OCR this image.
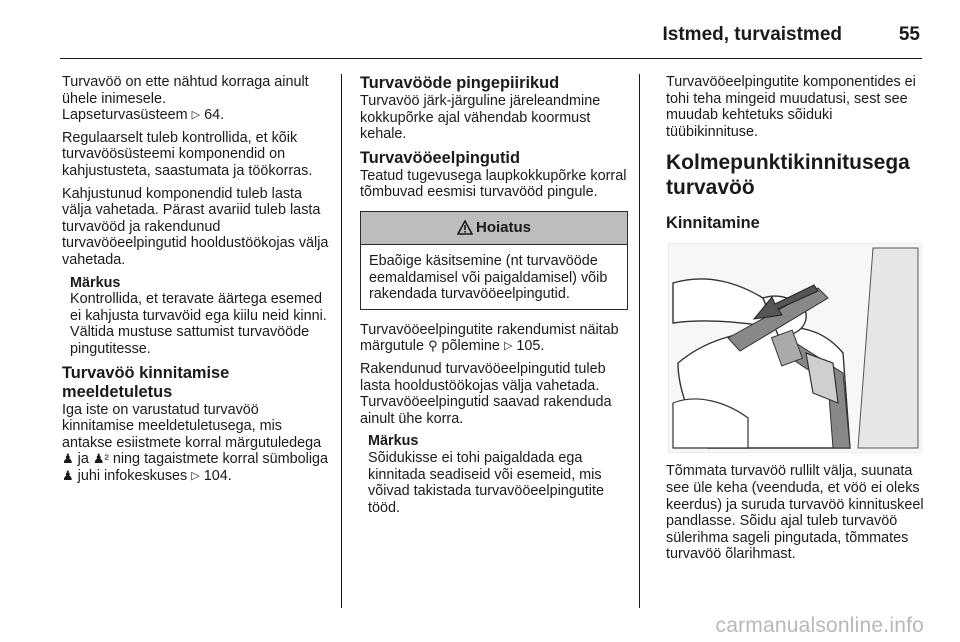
Istmed, turvaistmed	55

Turvavöö on ette nähtud korraga ainult ühele inimesele.
Lapseturvasüsteem ▷ 64.

Regulaarselt tuleb kontrollida, et kõik turvavöösüsteemi komponendid on kahjustusteta, saastumata ja töökorras.

Kahjustunud komponendid tuleb lasta välja vahetada. Pärast avariid tuleb lasta turvavööd ja rakendunud turvavööeelpingutid hooldustöökojas välja vahetada.

Märkus

Kontrollida, et teravate äärtega esemed ei kahjusta turvavöid ega kiilu neid kinni. Vältida mustuse sattumist turvavööde pingutitesse.

Turvavöö kinnitamise meeldetuletus

Iga iste on varustatud turvavöö kinnitamise meeldetuletusega, mis antakse esiistmete korral märgutuledega ♟ ja ♟² ning tagaistmete korral sümboliga ♟ juhi infokeskuses ▷ 104.

Turvavööde pingepiirikud

Turvavöö järk-järguline järeleandmine kokkupõrke ajal vähendab koormust kehale.

Turvavööeelpingutid

Teatud tugevusega laupkokkupõrke korral tõmbuvad eesmisi turvavööd pingule.

Hoiatus

Ebaõige käsitsemine (nt turvavööde eemaldamisel või paigaldamisel) võib rakendada turvavööeelpingutid.

Turvavööeelpingutite rakendumist näitab märgutule ⚲ põlemine ▷ 105.

Rakendunud turvavööeelpingutid tuleb lasta hooldustöökojas välja vahetada. Turvavööeelpingutid saavad rakenduda ainult ühe korra.

Märkus

Sõidukisse ei tohi paigaldada ega kinnitada seadiseid või esemeid, mis võivad takistada turvavööeelpingutite tööd.

Turvavööeelpingutite komponentides ei tohi teha mingeid muudatusi, sest see muudab kehtetuks sõiduki tüübikinnituse.

Kolmepunktikinnitusega turvavöö
Kinnitamine

Tõmmata turvavöö rullilt välja, suunata see üle keha (veenduda, et vöö ei oleks keerdus) ja suruda turvavöö kinnituskeel pandlasse. Sõidu ajal tuleb turvavöö sülerihma sageli pingutada, tõmmates turvavöö õlarihmast.

carmanualsonline.info
